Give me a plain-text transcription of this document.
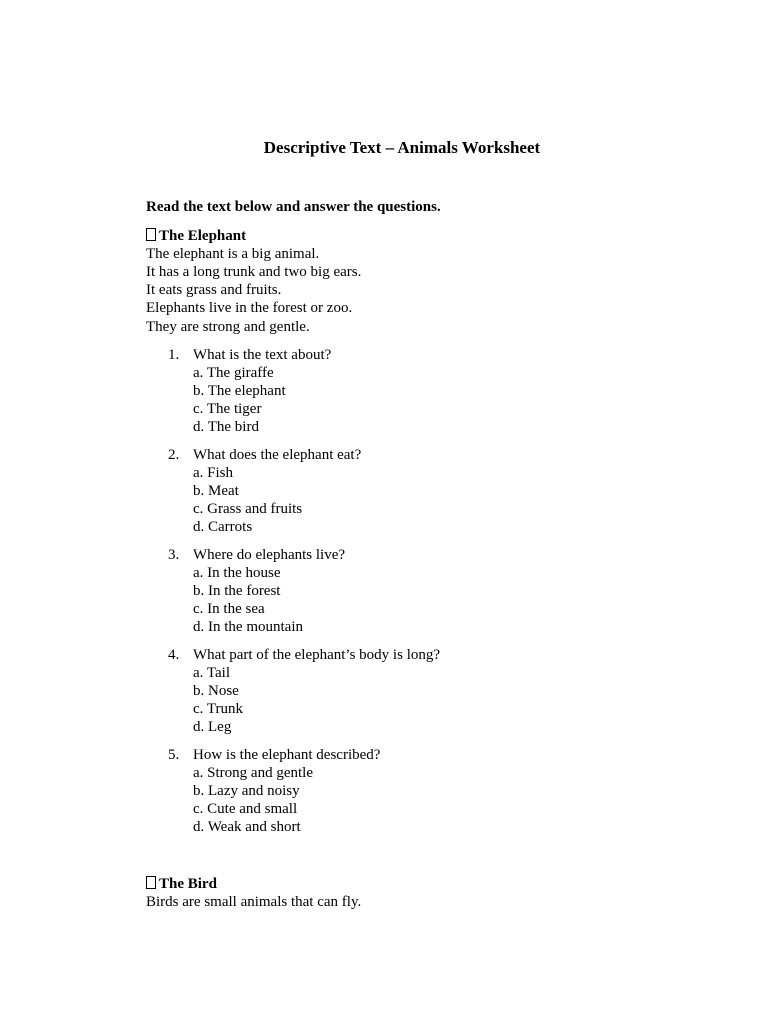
Descriptive Text – Animals Worksheet

Read the text below and answer the questions.

The Elephant

The elephant is a big animal.

It has a long trunk and two big ears.

It eats grass and fruits.

Elephants live in the forest or zoo.

They are strong and gentle.

1. What is the text about?
a. The giraffe
b. The elephant
c. The tiger
d. The bird
2. What does the elephant eat?
a. Fish
b. Meat
c. Grass and fruits
d. Carrots
3. Where do elephants live?
a. In the house
b. In the forest
c. In the sea
d. In the mountain
4. What part of the elephant’s body is long?
a. Tail
b. Nose
c. Trunk
d. Leg
5. How is the elephant described?
a. Strong and gentle
b. Lazy and noisy
c. Cute and small
d. Weak and short

The Bird

Birds are small animals that can fly.
